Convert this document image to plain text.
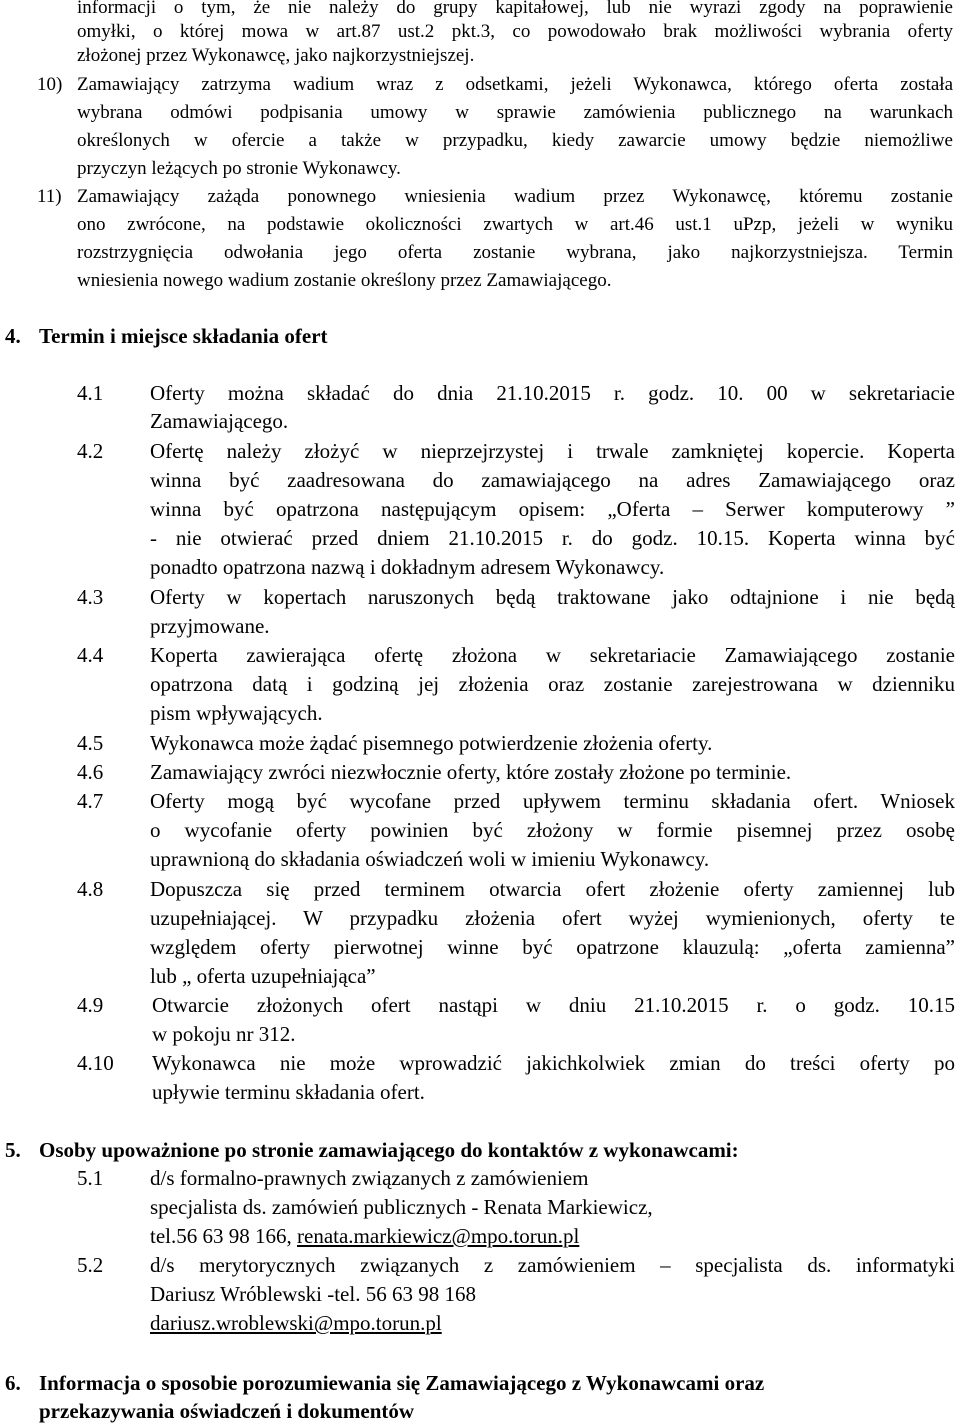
informacji o tym, że nie należy do grupy kapitałowej, lub nie wyrazi zgody na poprawienie
omyłki, o której mowa w art.87 ust.2 pkt.3, co powodowało brak możliwości wybrania oferty
złożonej przez Wykonawcę, jako najkorzystniejszej.
10) Zamawiający zatrzyma wadium wraz z odsetkami, jeżeli Wykonawca, którego oferta została
wybrana odmówi podpisania umowy w sprawie zamówienia publicznego na warunkach
określonych w ofercie a także w przypadku, kiedy zawarcie umowy będzie niemożliwe
przyczyn leżących po stronie Wykonawcy.
11) Zamawiający zażąda ponownego wniesienia wadium przez Wykonawcę, któremu zostanie
ono zwrócone, na podstawie okoliczności zwartych w art.46 ust.1 uPzp, jeżeli w wyniku
rozstrzygnięcia odwołania jego oferta zostanie wybrana, jako najkorzystniejsza. Termin
wniesienia nowego wadium zostanie określony przez Zamawiającego.
4. Termin i miejsce składania ofert
4.1 Oferty można składać do dnia 21.10.2015 r. godz. 10. 00 w sekretariacie
Zamawiającego.
4.2 Ofertę należy złożyć w nieprzejrzystej i trwale zamkniętej kopercie. Koperta
winna być zaadresowana do zamawiającego na adres Zamawiającego oraz
winna być opatrzona następującym opisem: „Oferta – Serwer komputerowy ”
- nie otwierać przed dniem 21.10.2015 r. do godz. 10.15. Koperta winna być
ponadto opatrzona nazwą i dokładnym adresem Wykonawcy.
4.3 Oferty w kopertach naruszonych będą traktowane jako odtajnione i nie będą
przyjmowane.
4.4 Koperta zawierająca ofertę złożona w sekretariacie Zamawiającego zostanie
opatrzona datą i godziną jej złożenia oraz zostanie zarejestrowana w dzienniku
pism wpływających.
4.5 Wykonawca może żądać pisemnego potwierdzenie złożenia oferty.
4.6 Zamawiający zwróci niezwłocznie oferty, które zostały złożone po terminie.
4.7 Oferty mogą być wycofane przed upływem terminu składania ofert. Wniosek
o wycofanie oferty powinien być złożony w formie pisemnej przez osobę
uprawnioną do składania oświadczeń woli w imieniu Wykonawcy.
4.8 Dopuszcza się przed terminem otwarcia ofert złożenie oferty zamiennej lub
uzupełniającej. W przypadku złożenia ofert wyżej wymienionych, oferty te
względem oferty pierwotnej winne być opatrzone klauzulą: „oferta zamienna”
lub „ oferta uzupełniająca”
4.9 Otwarcie złożonych ofert nastąpi w dniu 21.10.2015 r. o godz. 10.15
w pokoju nr 312.
4.10 Wykonawca nie może wprowadzić jakichkolwiek zmian do treści oferty po
upływie terminu składania ofert.
5. Osoby upoważnione po stronie zamawiającego do kontaktów z wykonawcami:
5.1 d/s formalno-prawnych związanych z zamówieniem
specjalista ds. zamówień publicznych - Renata Markiewicz,
tel.56 63 98 166, renata.markiewicz@mpo.torun.pl
5.2 d/s merytorycznych związanych z zamówieniem – specjalista ds. informatyki
Dariusz Wróblewski -tel. 56 63 98 168
dariusz.wroblewski@mpo.torun.pl
6. Informacja o sposobie porozumiewania się Zamawiającego z Wykonawcami oraz
przekazywania oświadczeń i dokumentów
